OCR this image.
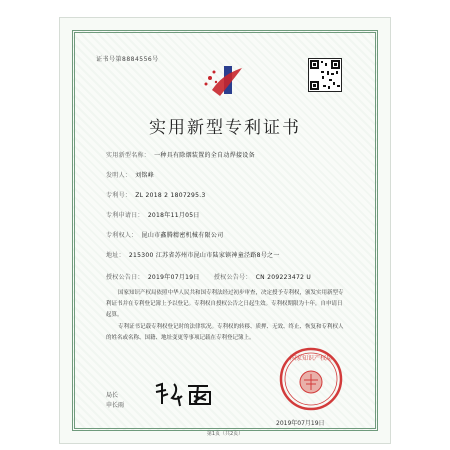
证书号第8884556号
实用新型专利证书
实用新型名称： 一种具有除烟装置的全自动焊接设备
发明人： 刘铭峰
专利号： ZL 2018 2 1807295.3
专利申请日： 2018年11月05日
专利权人： 昆山市鑫腾精密机械有限公司
地址： 215300 江苏省苏州市昆山市陆家镇神童泾路8号之一
授权公告日： 2019年07月19日 授权公告号： CN 209223472 U
国家知识产权局依照中华人民共和国专利法经过初步审查，决定授予专利权，颁发实用新型专利证书并在专利登记簿上予以登记。专利权自授权公告之日起生效。专利权期限为十年，自申请日起算。
专利证书记载专利权登记时的法律状况。专利权的转移、质押、无效、终止、恢复和专利权人的姓名或名称、国籍、地址变更等事项记载在专利登记簿上。
局长
申长雨
国家知识产权局
2019年07月19日
第1页（共2页）
